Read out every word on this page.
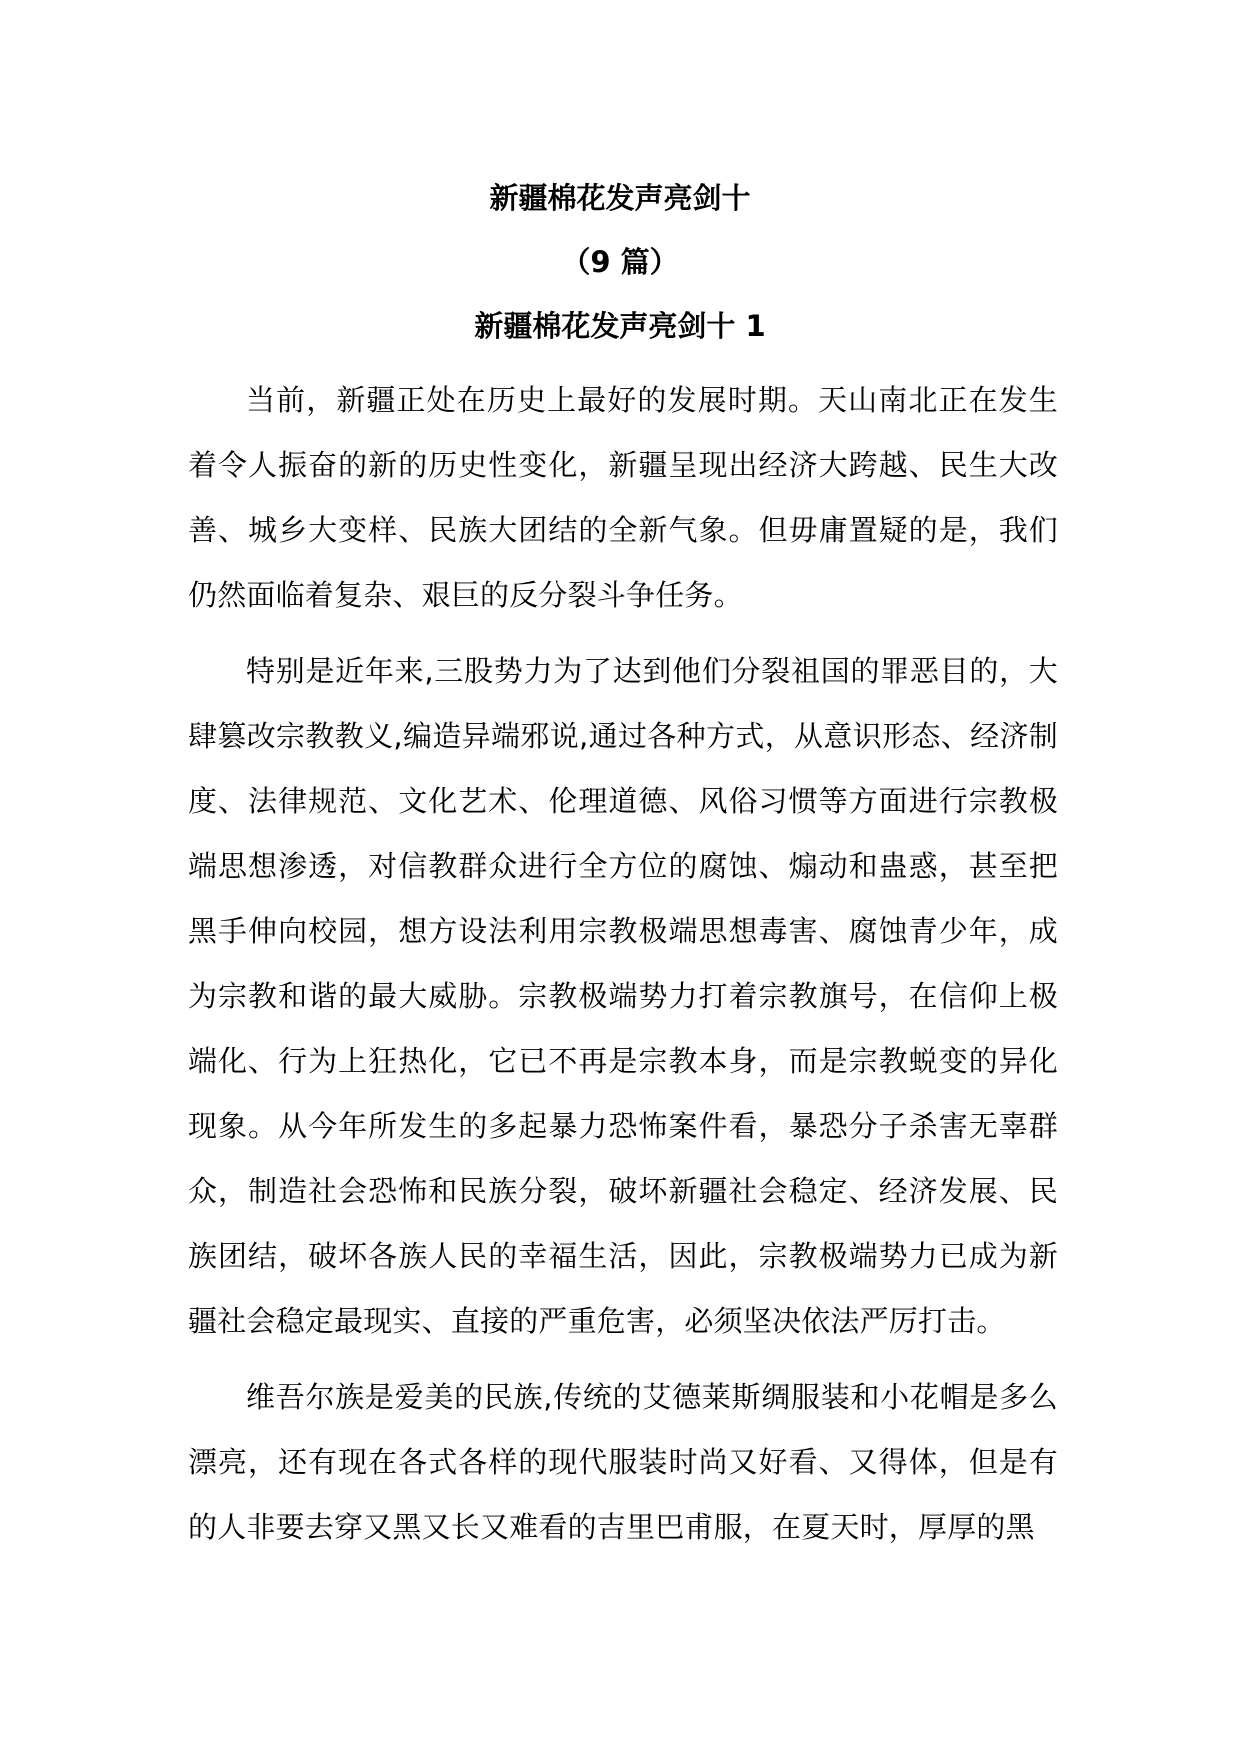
新疆棉花发声亮剑十
（9 篇）
新疆棉花发声亮剑十 1

当前，新疆正处在历史上最好的发展时期。天山南北正在发生着令人振奋的新的历史性变化，新疆呈现出经济大跨越、民生大改善、城乡大变样、民族大团结的全新气象。但毋庸置疑的是，我们仍然面临着复杂、艰巨的反分裂斗争任务。

特别是近年来,三股势力为了达到他们分裂祖国的罪恶目的，大肆篡改宗教教义,编造异端邪说,通过各种方式，从意识形态、经济制度、法律规范、文化艺术、伦理道德、风俗习惯等方面进行宗教极端思想渗透，对信教群众进行全方位的腐蚀、煽动和蛊惑，甚至把黑手伸向校园，想方设法利用宗教极端思想毒害、腐蚀青少年，成为宗教和谐的最大威胁。宗教极端势力打着宗教旗号，在信仰上极端化、行为上狂热化，它已不再是宗教本身，而是宗教蜕变的异化现象。从今年所发生的多起暴力恐怖案件看，暴恐分子杀害无辜群众，制造社会恐怖和民族分裂，破坏新疆社会稳定、经济发展、民族团结，破坏各族人民的幸福生活，因此，宗教极端势力已成为新疆社会稳定最现实、直接的严重危害，必须坚决依法严厉打击。

维吾尔族是爱美的民族,传统的艾德莱斯绸服装和小花帽是多么漂亮，还有现在各式各样的现代服装时尚又好看、又得体，但是有的人非要去穿又黑又长又难看的吉里巴甫服，在夏天时，厚厚的黑
